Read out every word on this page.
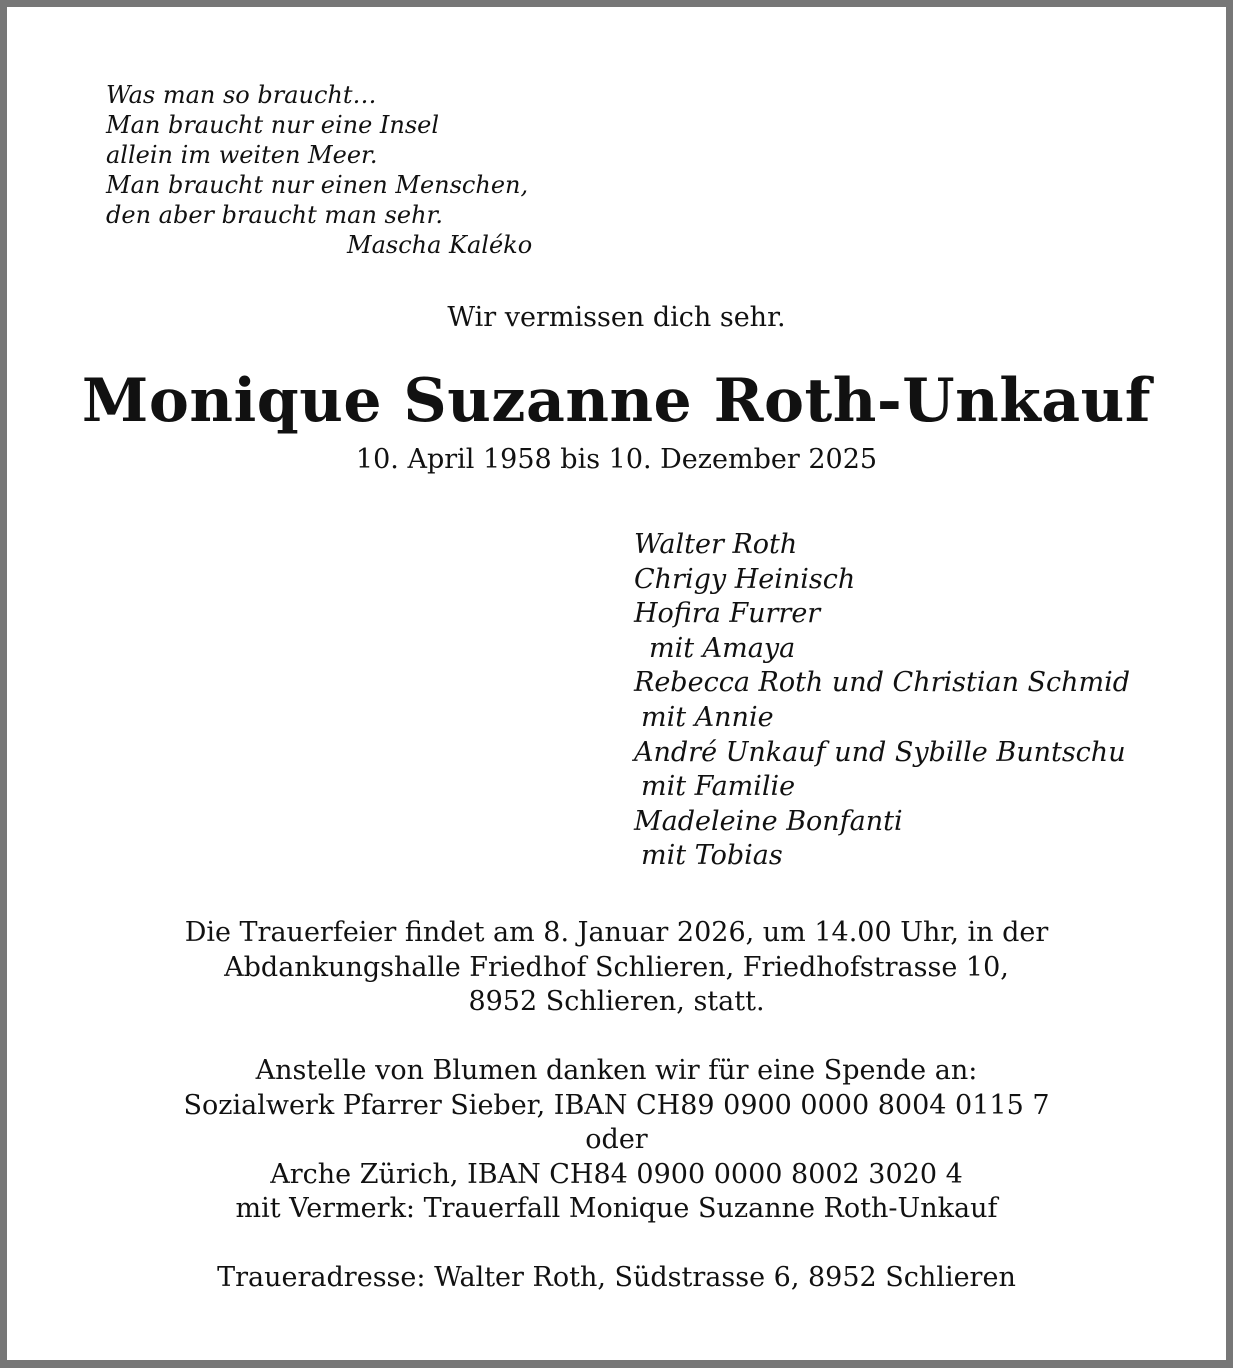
Was man so braucht…
Man braucht nur eine Insel
allein im weiten Meer.
Man braucht nur einen Menschen,
den aber braucht man sehr.
Mascha Kaléko
Wir vermissen dich sehr.
Monique Suzanne Roth-Unkauf
10. April 1958 bis 10. Dezember 2025
Walter Roth
Chrigy Heinisch
Hofira Furrer
mit Amaya
Rebecca Roth und Christian Schmid
mit Annie
André Unkauf und Sybille Buntschu
mit Familie
Madeleine Bonfanti
mit Tobias
Die Trauerfeier findet am 8. Januar 2026, um 14.00 Uhr, in der
Abdankungshalle Friedhof Schlieren, Friedhofstrasse 10,
8952 Schlieren, statt.
Anstelle von Blumen danken wir für eine Spende an:
Sozialwerk Pfarrer Sieber, IBAN CH89 0900 0000 8004 0115 7
oder
Arche Zürich, IBAN CH84 0900 0000 8002 3020 4
mit Vermerk: Trauerfall Monique Suzanne Roth-Unkauf
Traueradresse: Walter Roth, Südstrasse 6, 8952 Schlieren
